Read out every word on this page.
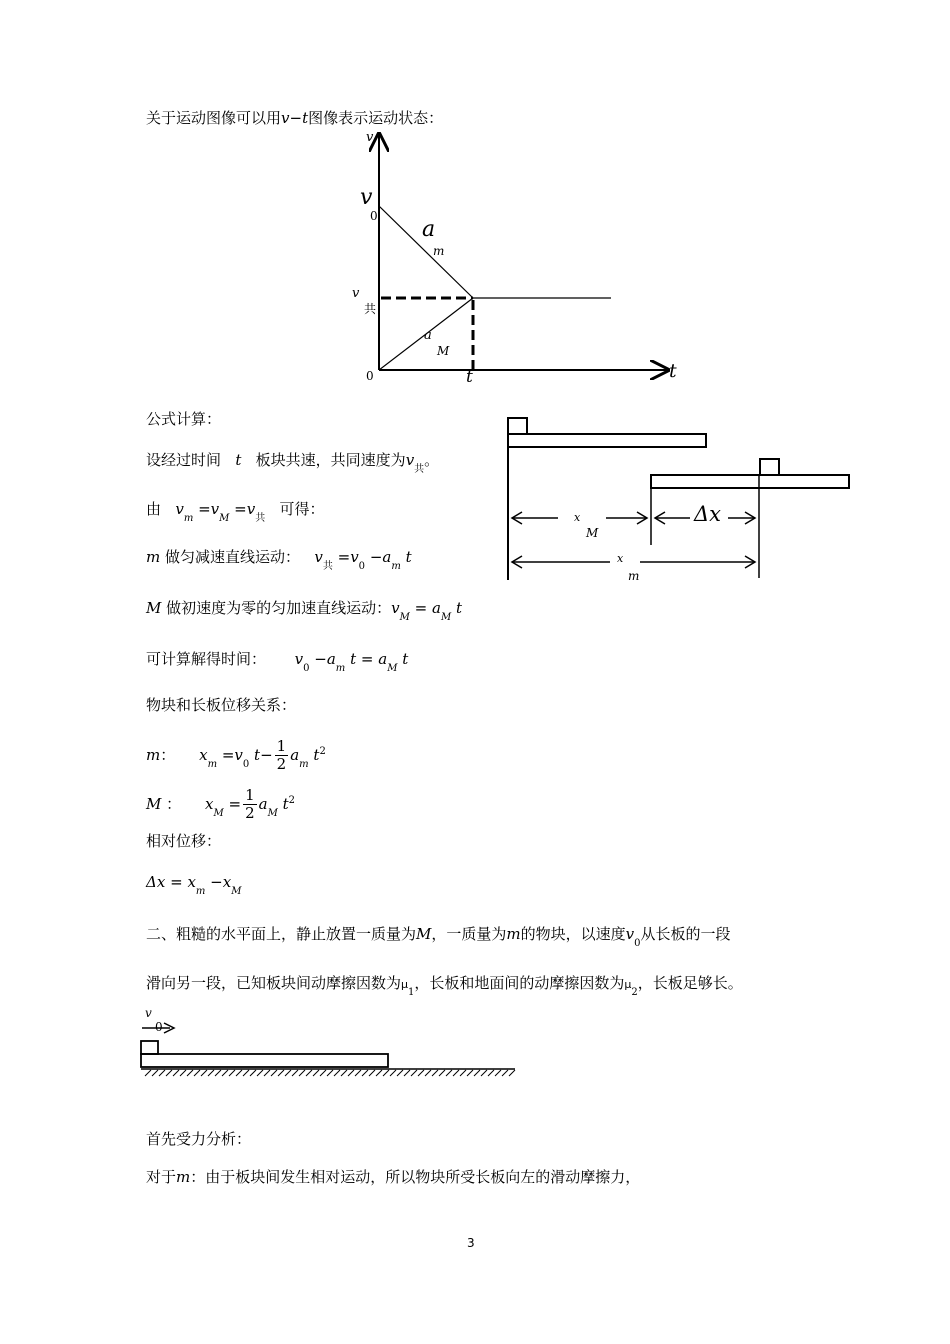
关于运动图像可以用v−t图像表示运动状态：
v
t
v
0
a
m
v
共
a
M
0	t
x
M
Δx
x
m
公式计算：
设经过时间 t 板块共速，共同速度为$v_共$。
由 $v_m =v_M =v_共$   可得：
m 做匀减速直线运动： $v_共 =v_0 -a_m$ t
M 做初速度为零的匀加速直线运动：$v_M = a_M$ t
可计算解得时间： $v_0 -a_m$ $t = a_M$ t
物块和长板位移关系：
m： $x_m =v_0$ $t- \frac{1}{2} a_m$ $t^2$
M ： $x_M = \frac{1}{2} a_M$ $t^2$
相对位移：
$\Delta x = x_m -x_M$
二、粗糙的水平面上，静止放置一质量为M，一质量为m的物块，以速度$v_0$从长板的一段
滑向另一段，已知板块间动摩擦因数为$\mu_1$，长板和地面间的动摩擦因数为$\mu_2$，长板足够长。
v
0
首先受力分析：
对于m：由于板块间发生相对运动，所以物块所受长板向左的滑动摩擦力，
3
